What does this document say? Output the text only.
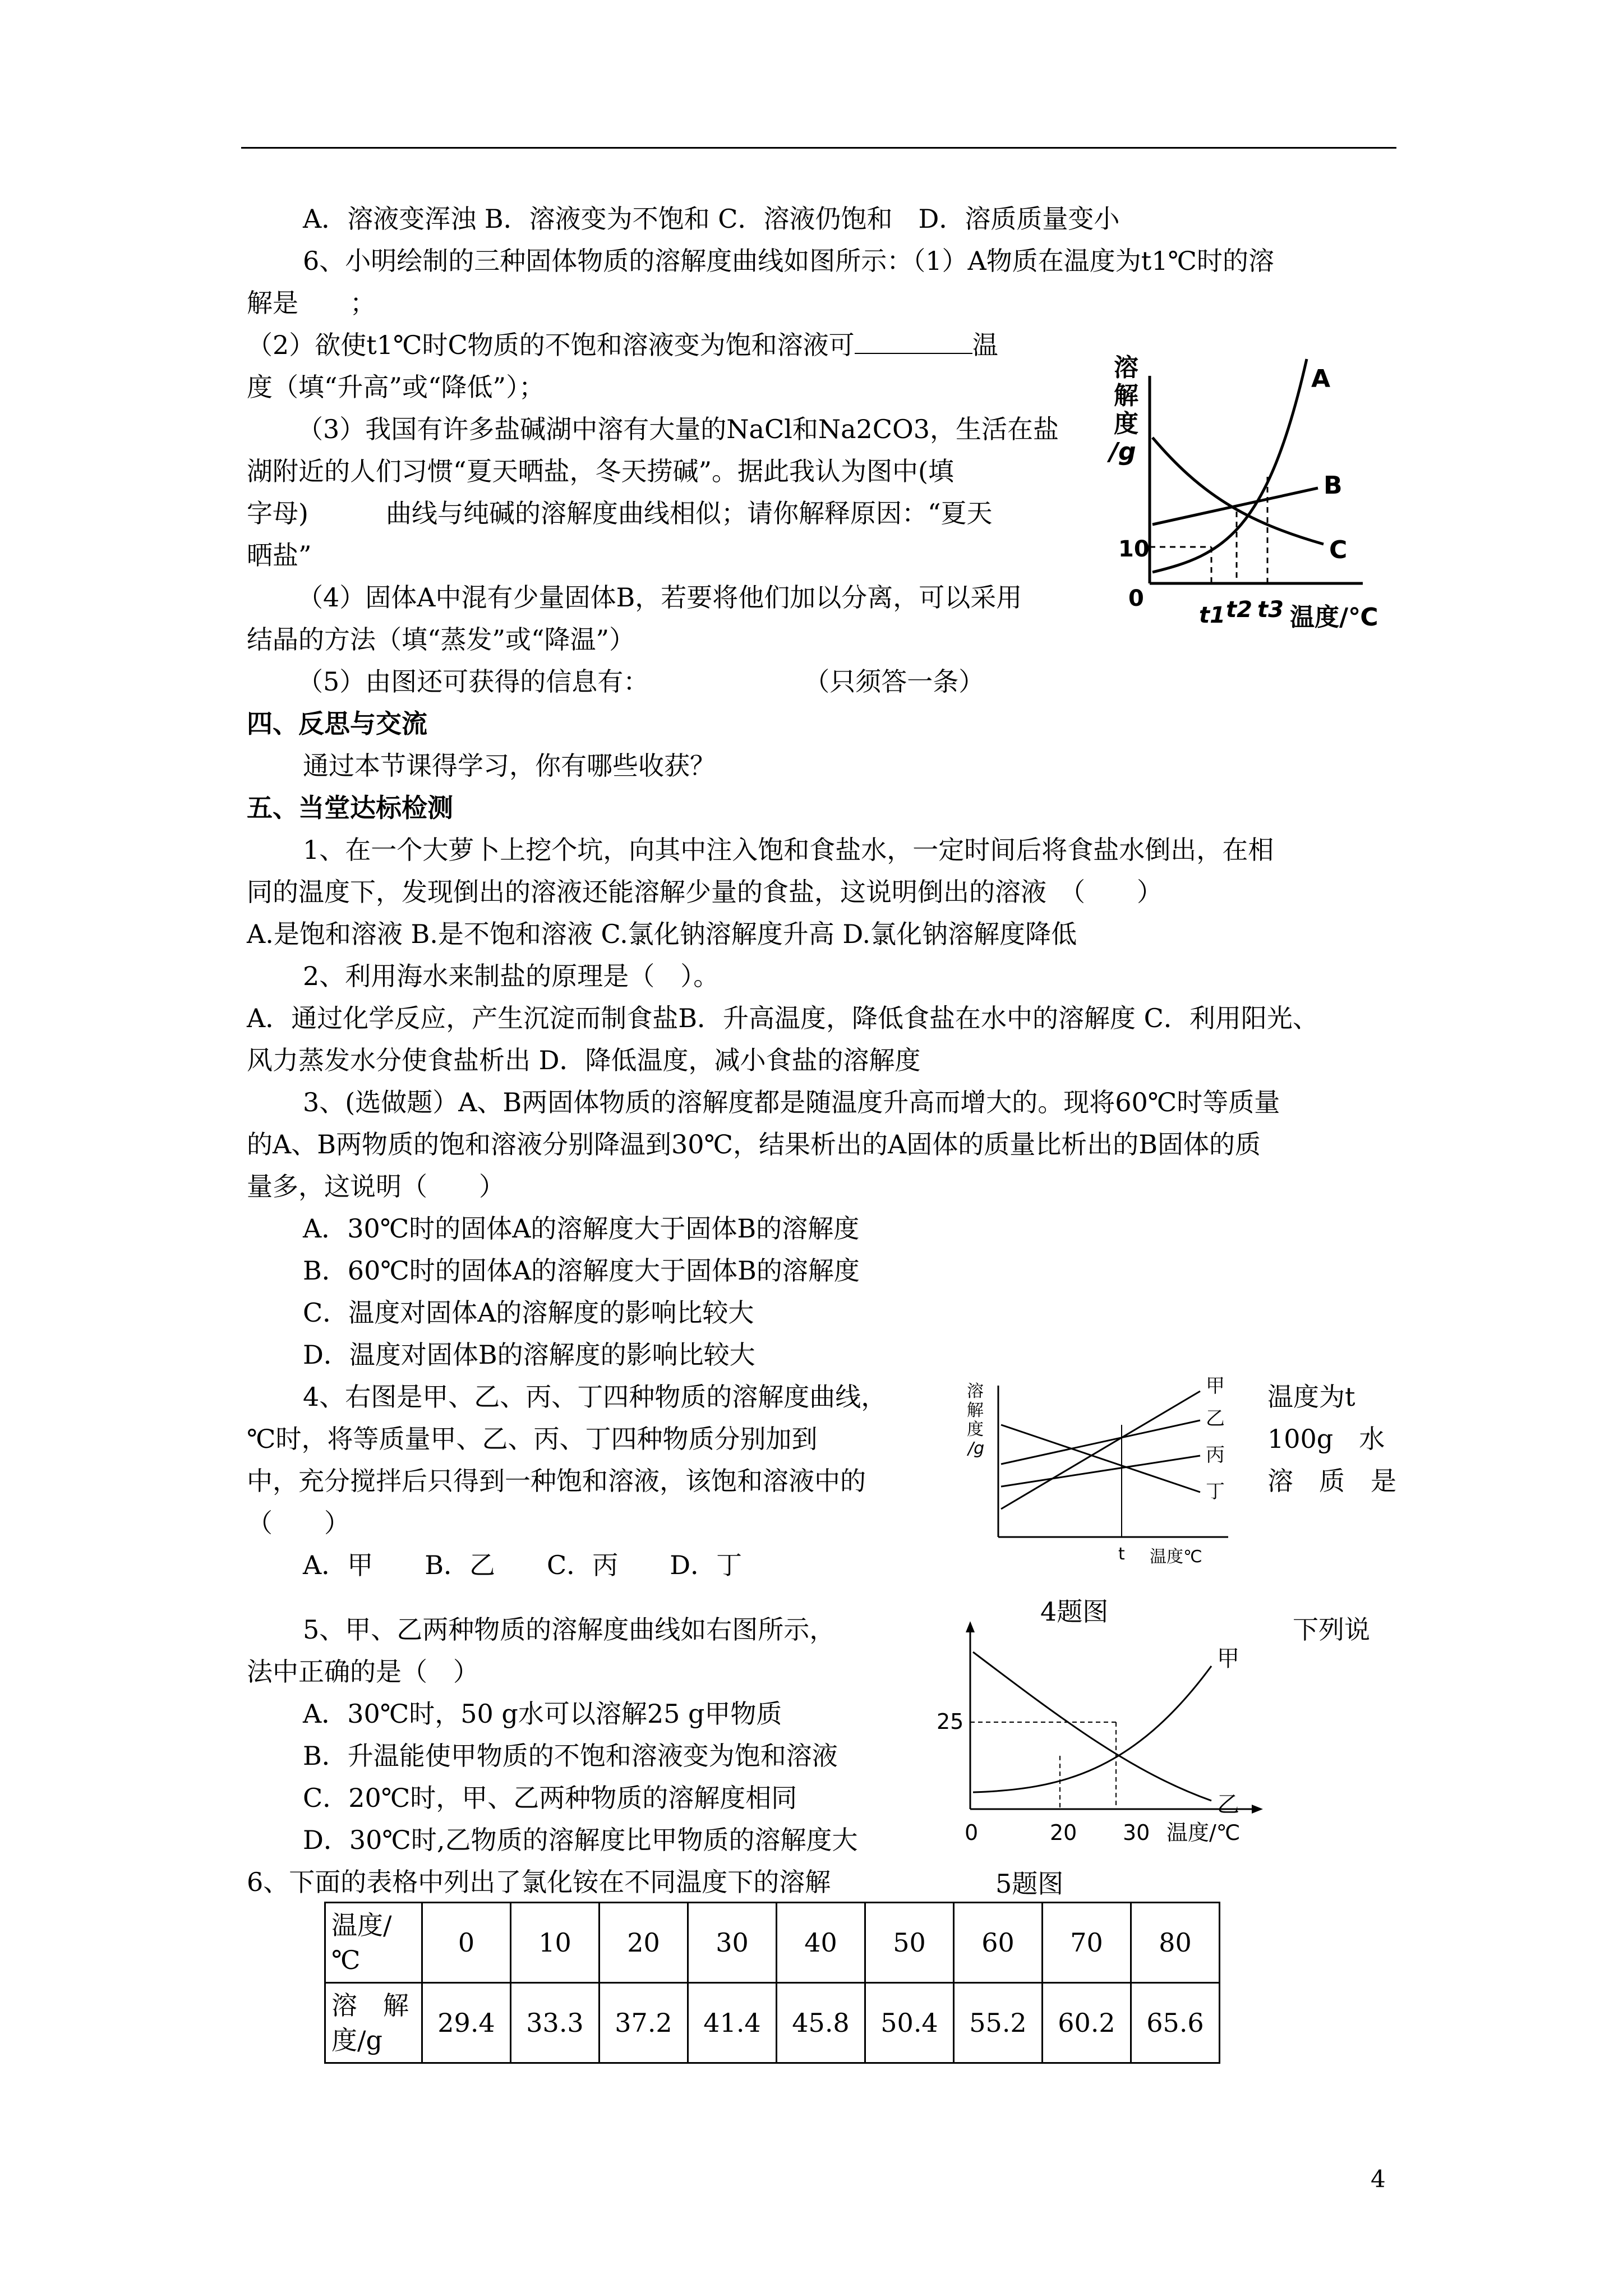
A．溶液变浑浊 B．溶液变为不饱和 C．溶液仍饱和　D．溶质质量变小
6、小明绘制的三种固体物质的溶解度曲线如图所示：（1）A物质在温度为t1℃时的溶
解是　　；
（2）欲使t1℃时C物质的不饱和溶液变为饱和溶液可	温
度（填“升高”或“降低”）；
（3）我国有许多盐碱湖中溶有大量的NaCl和Na2CO3，生活在盐
湖附近的人们习惯“夏天晒盐，冬天捞碱”。据此我认为图中(填
字母)　　　曲线与纯碱的溶解度曲线相似；请你解释原因：“夏天
晒盐”
（4）固体A中混有少量固体B，若要将他们加以分离，可以采用
结晶的方法（填“蒸发”或“降温”）
（5）由图还可获得的信息有：　　　　　　　（只须答一条）
溶
解
度
/g
10
0
t1 t2 t3 温度/℃
A
B
C
四、反思与交流
通过本节课得学习，你有哪些收获？
五、当堂达标检测
1、在一个大萝卜上挖个坑，向其中注入饱和食盐水，一定时间后将食盐水倒出，在相
同的温度下，发现倒出的溶液还能溶解少量的食盐，这说明倒出的溶液　（　　）
A.是饱和溶液 B.是不饱和溶液 C.氯化钠溶解度升高 D.氯化钠溶解度降低
2、利用海水来制盐的原理是（　）。
A．通过化学反应，产生沉淀而制食盐B．升高温度，降低食盐在水中的溶解度 C．利用阳光、
风力蒸发水分使食盐析出 D．降低温度，减小食盐的溶解度
3、(选做题）A、B两固体物质的溶解度都是随温度升高而增大的。现将60℃时等质量
的A、B两物质的饱和溶液分别降温到30℃，结果析出的A固体的质量比析出的B固体的质
量多，这说明（　　）
A．30℃时的固体A的溶解度大于固体B的溶解度
B．60℃时的固体A的溶解度大于固体B的溶解度
C．温度对固体A的溶解度的影响比较大
D．温度对固体B的溶解度的影响比较大
4、右图是甲、乙、丙、丁四种物质的溶解度曲线，	温度为t
℃时，将等质量甲、乙、丙、丁四种物质分别加到	100g　水
中，充分搅拌后只得到一种饱和溶液，该饱和溶液中的	溶　质　是
（　　）
A．甲　　B．乙　　C．丙　　D．丁
溶
解
度
/g
t 温度℃
甲
乙
丙
丁
4题图
5、甲、乙两种物质的溶解度曲线如右图所示，	下列说
法中正确的是（　）
A．30℃时，50 g水可以溶解25 g甲物质
B．升温能使甲物质的不饱和溶液变为饱和溶液
C．20℃时，甲、乙两种物质的溶解度相同
D．30℃时,乙物质的溶解度比甲物质的溶解度大
25
0	20 30 温度/℃
甲
乙
6、下面的表格中列出了氯化铵在不同温度下的溶解	5题图
温度/℃	0	10	20	30	40	50	60	70	80
溶　解度/g	29.4	33.3	37.2	41.4	45.8	50.4	55.2	60.2	65.6
4
